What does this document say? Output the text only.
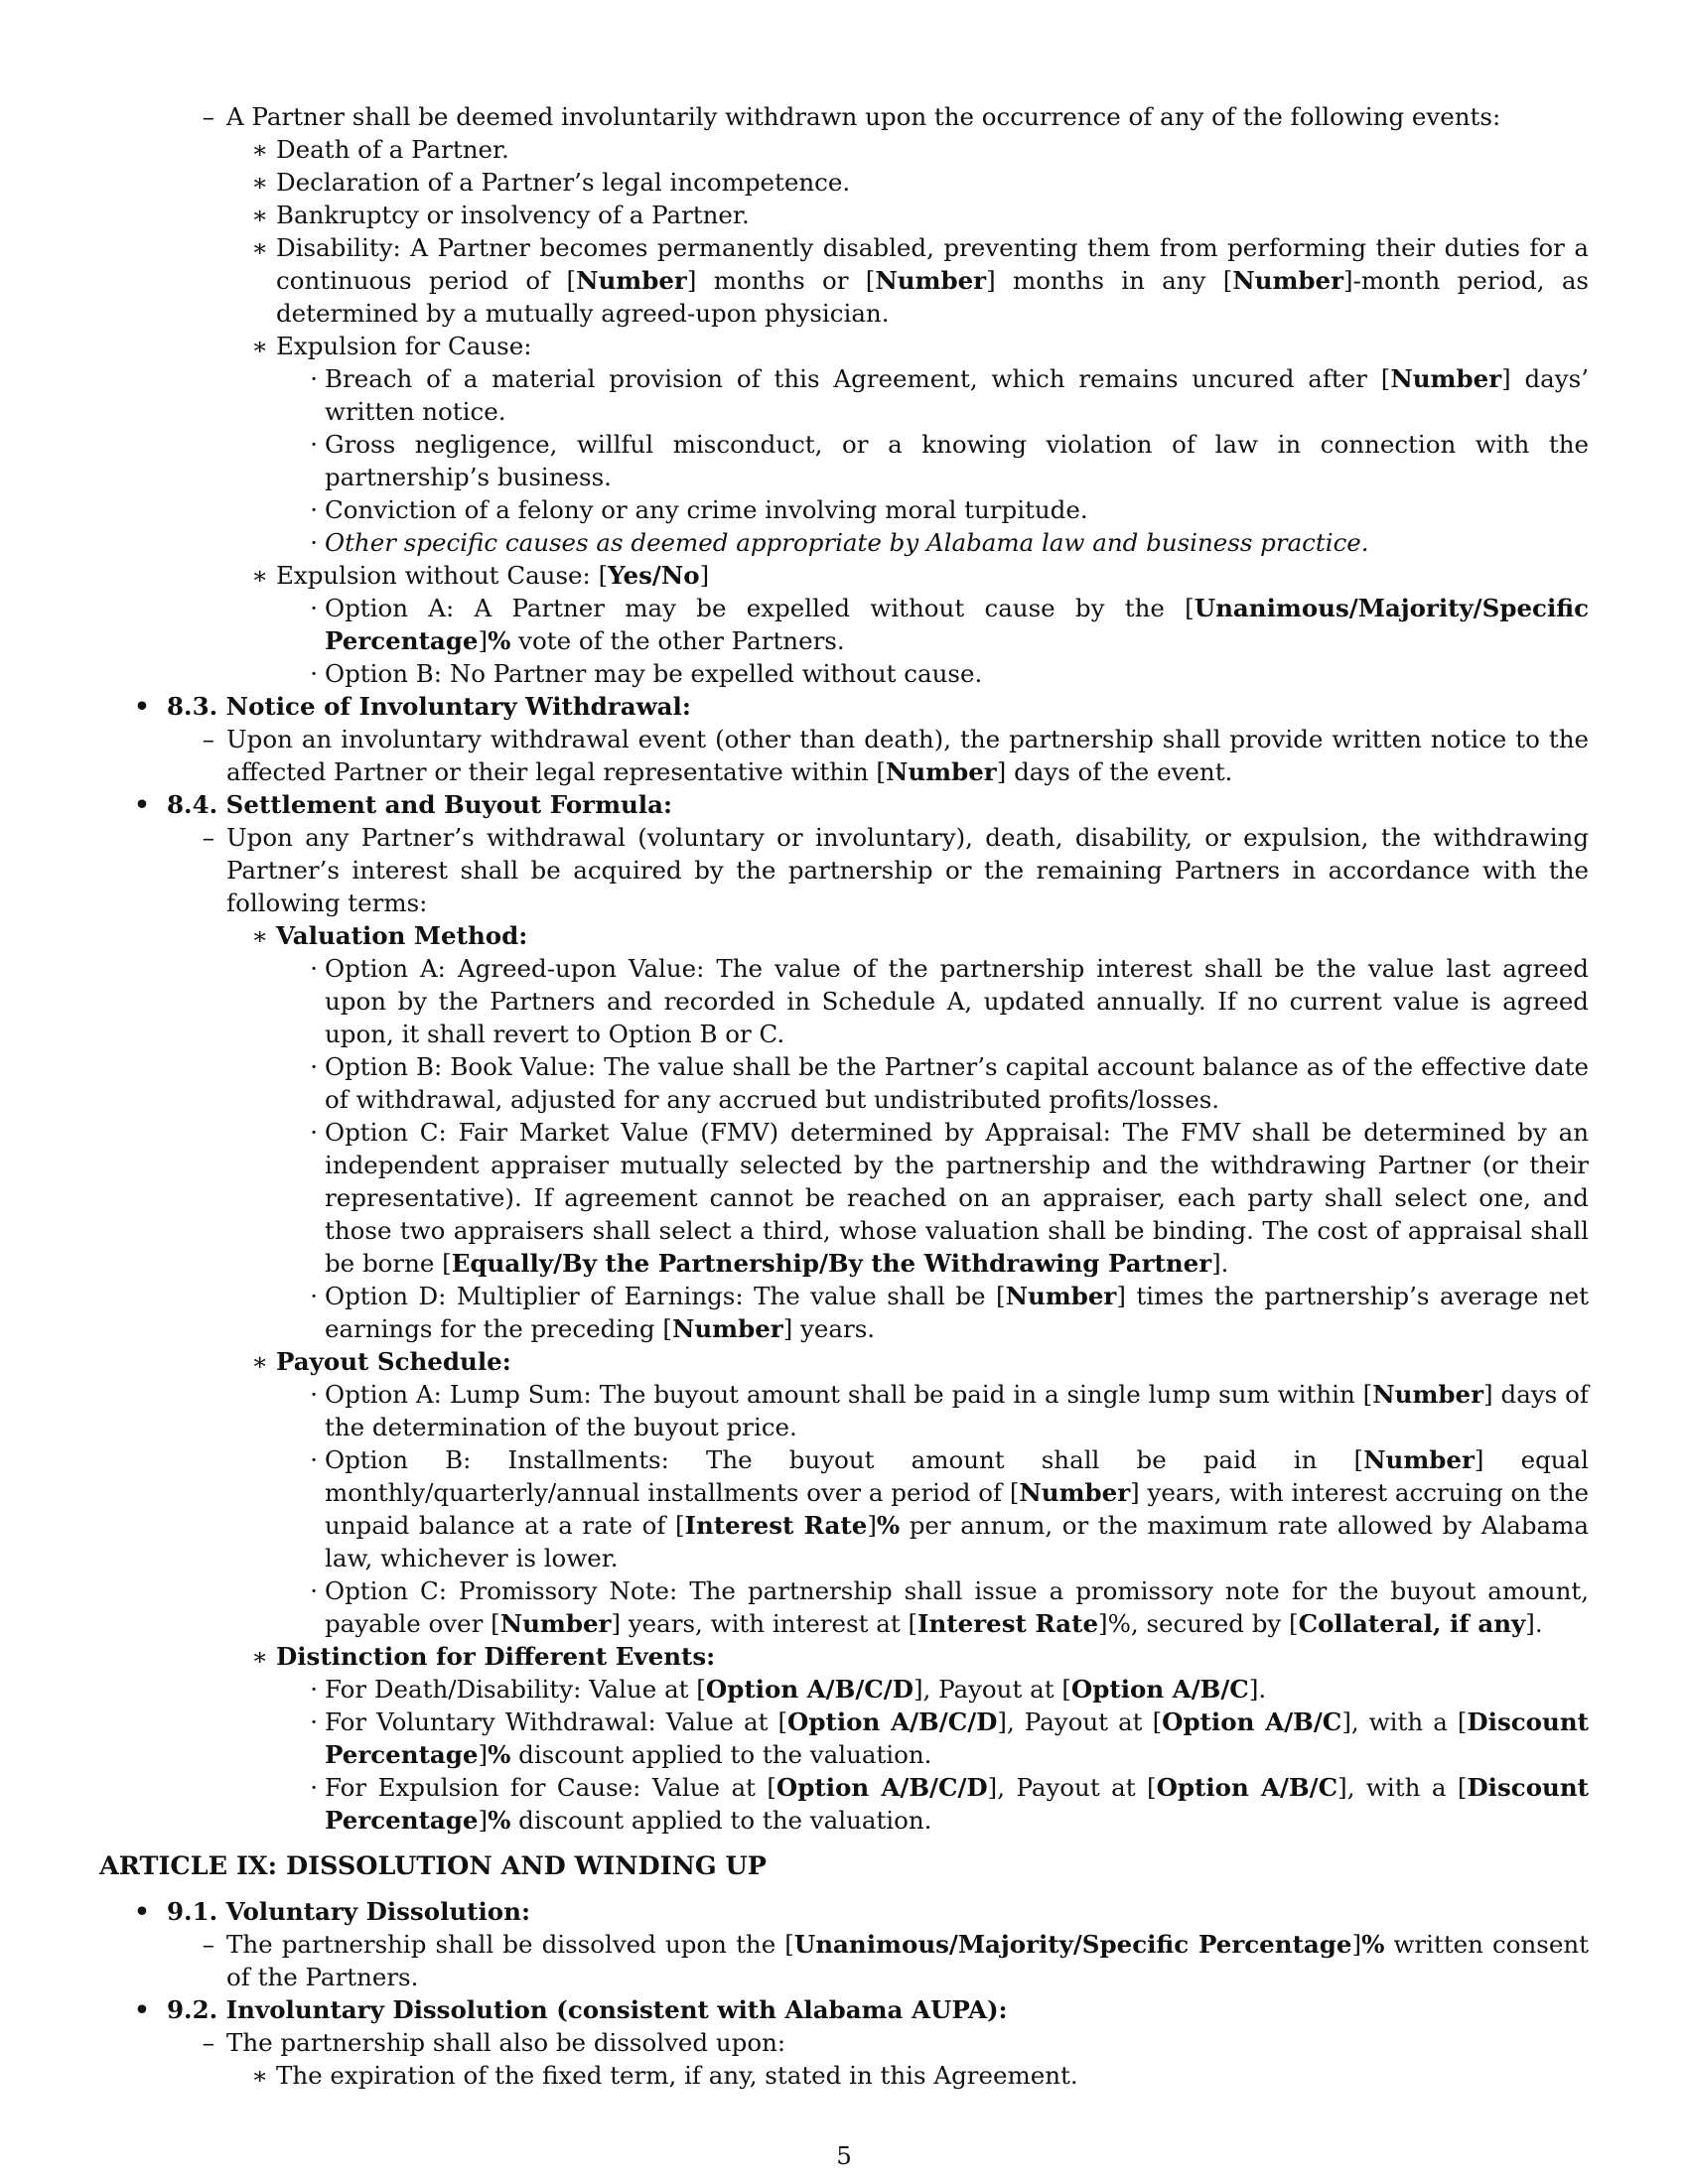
– A Partner shall be deemed involuntarily withdrawn upon the occurrence of any of the following events:
∗ Death of a Partner.
∗ Declaration of a Partner’s legal incompetence.
∗ Bankruptcy or insolvency of a Partner.
∗ Disability: A Partner becomes permanently disabled, preventing them from performing their duties for a continuous period of [Number] months or [Number] months in any [Number]-month period, as determined by a mutually agreed-upon physician.
∗ Expulsion for Cause:
· Breach of a material provision of this Agreement, which remains uncured after [Number] days’ written notice.
· Gross negligence, willful misconduct, or a knowing violation of law in connection with the partnership’s business.
· Conviction of a felony or any crime involving moral turpitude.
· Other specific causes as deemed appropriate by Alabama law and business practice.
∗ Expulsion without Cause: [Yes/No]
· Option A: A Partner may be expelled without cause by the [Unanimous/Majority/Specific Percentage]% vote of the other Partners.
· Option B: No Partner may be expelled without cause.
• 8.3. Notice of Involuntary Withdrawal:
– Upon an involuntary withdrawal event (other than death), the partnership shall provide written notice to the affected Partner or their legal representative within [Number] days of the event.
• 8.4. Settlement and Buyout Formula:
– Upon any Partner’s withdrawal (voluntary or involuntary), death, disability, or expulsion, the withdrawing Partner’s interest shall be acquired by the partnership or the remaining Partners in accordance with the following terms:
∗ Valuation Method:
· Option A: Agreed-upon Value: The value of the partnership interest shall be the value last agreed upon by the Partners and recorded in Schedule A, updated annually. If no current value is agreed upon, it shall revert to Option B or C.
· Option B: Book Value: The value shall be the Partner’s capital account balance as of the effective date of withdrawal, adjusted for any accrued but undistributed profits/losses.
· Option C: Fair Market Value (FMV) determined by Appraisal: The FMV shall be determined by an independent appraiser mutually selected by the partnership and the withdrawing Partner (or their representative). If agreement cannot be reached on an appraiser, each party shall select one, and those two appraisers shall select a third, whose valuation shall be binding. The cost of appraisal shall be borne [Equally/By the Partnership/By the Withdrawing Partner].
· Option D: Multiplier of Earnings: The value shall be [Number] times the partnership’s average net earnings for the preceding [Number] years.
∗ Payout Schedule:
· Option A: Lump Sum: The buyout amount shall be paid in a single lump sum within [Number] days of the determination of the buyout price.
· Option B: Installments: The buyout amount shall be paid in [Number] equal monthly/quarterly/annual installments over a period of [Number] years, with interest accruing on the unpaid balance at a rate of [Interest Rate]% per annum, or the maximum rate allowed by Alabama law, whichever is lower.
· Option C: Promissory Note: The partnership shall issue a promissory note for the buyout amount, payable over [Number] years, with interest at [Interest Rate]%, secured by [Collateral, if any].
∗ Distinction for Different Events:
· For Death/Disability: Value at [Option A/B/C/D], Payout at [Option A/B/C].
· For Voluntary Withdrawal: Value at [Option A/B/C/D], Payout at [Option A/B/C], with a [Discount Percentage]% discount applied to the valuation.
· For Expulsion for Cause: Value at [Option A/B/C/D], Payout at [Option A/B/C], with a [Discount Percentage]% discount applied to the valuation.
ARTICLE IX: DISSOLUTION AND WINDING UP
• 9.1. Voluntary Dissolution:
– The partnership shall be dissolved upon the [Unanimous/Majority/Specific Percentage]% written consent of the Partners.
• 9.2. Involuntary Dissolution (consistent with Alabama AUPA):
– The partnership shall also be dissolved upon:
∗ The expiration of the fixed term, if any, stated in this Agreement.
5
